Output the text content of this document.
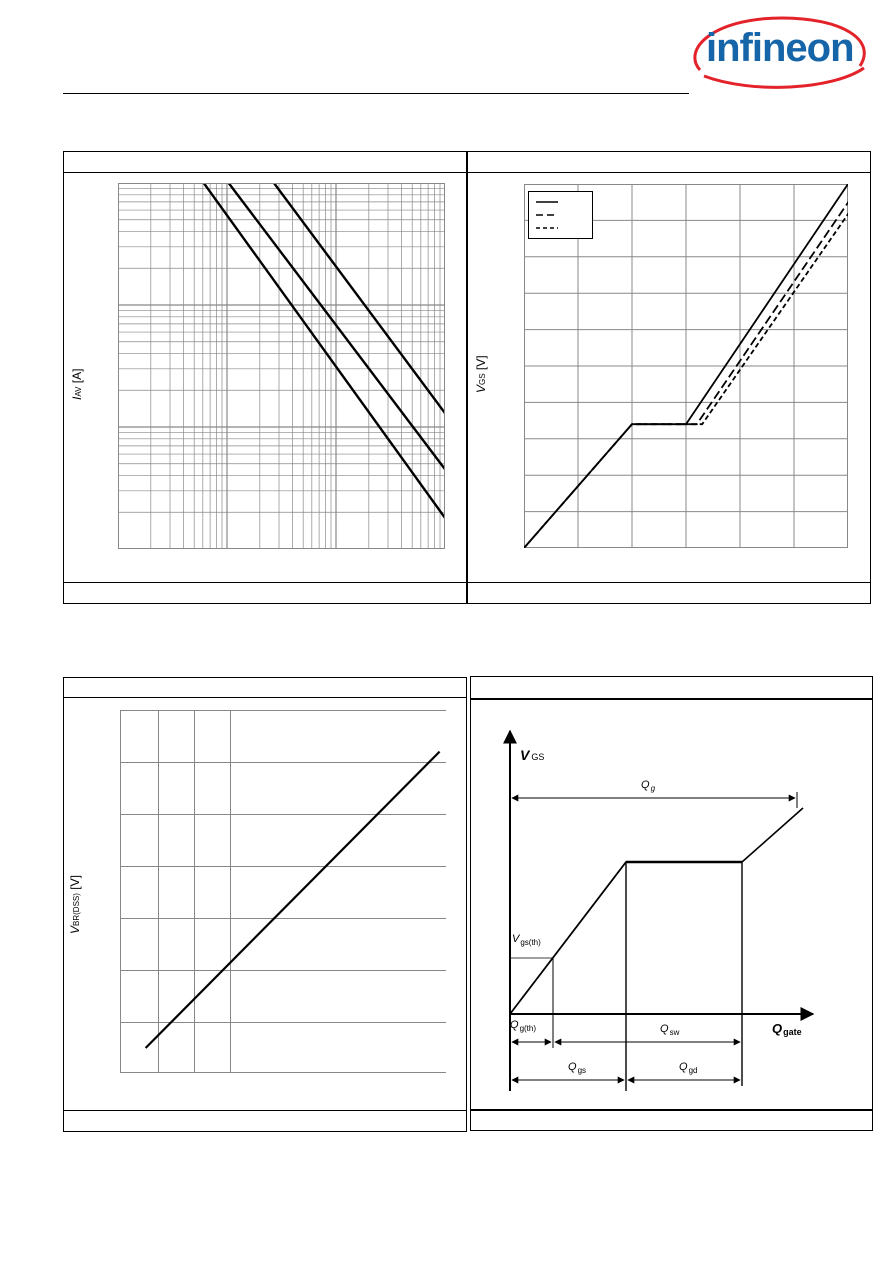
infineon
IAV [A]
VGS [V]
VBR(DSS) [V]
VGS
$Q_g$
$V_{gs(th)}$
$Q_{g(th)}$	$Q_{sw}$	Qgate
$Q_{gs}$	$Q_{gd}$
